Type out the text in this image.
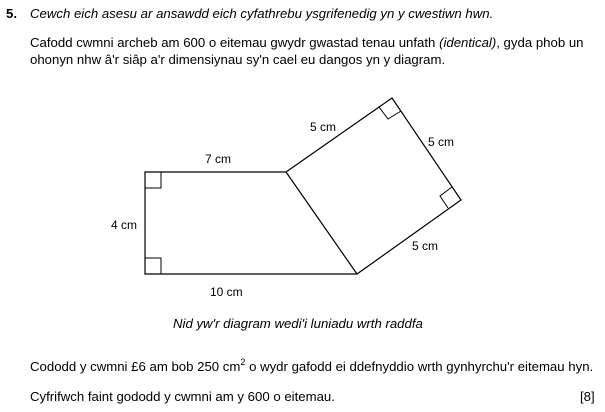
5. Cewch eich asesu ar ansawdd eich cyfathrebu ysgrifenedig yn y cwestiwn hwn.
Cafodd cwmni archeb am 600 o eitemau gwydr gwastad tenau unfath (identical), gyda phob un
ohonyn nhw â'r siâp a'r dimensiynau sy'n cael eu dangos yn y diagram.
7 cm
4 cm
10 cm
5 cm
5 cm
5 cm
Nid yw'r diagram wedi'i luniadu wrth raddfa
Cododd y cwmni £6 am bob 250 $cm^2$ o wydr gafodd ei ddefnyddio wrth gynhyrchu'r eitemau hyn.
Cyfrifwch faint gododd y cwmni am y 600 o eitemau.	[8]
